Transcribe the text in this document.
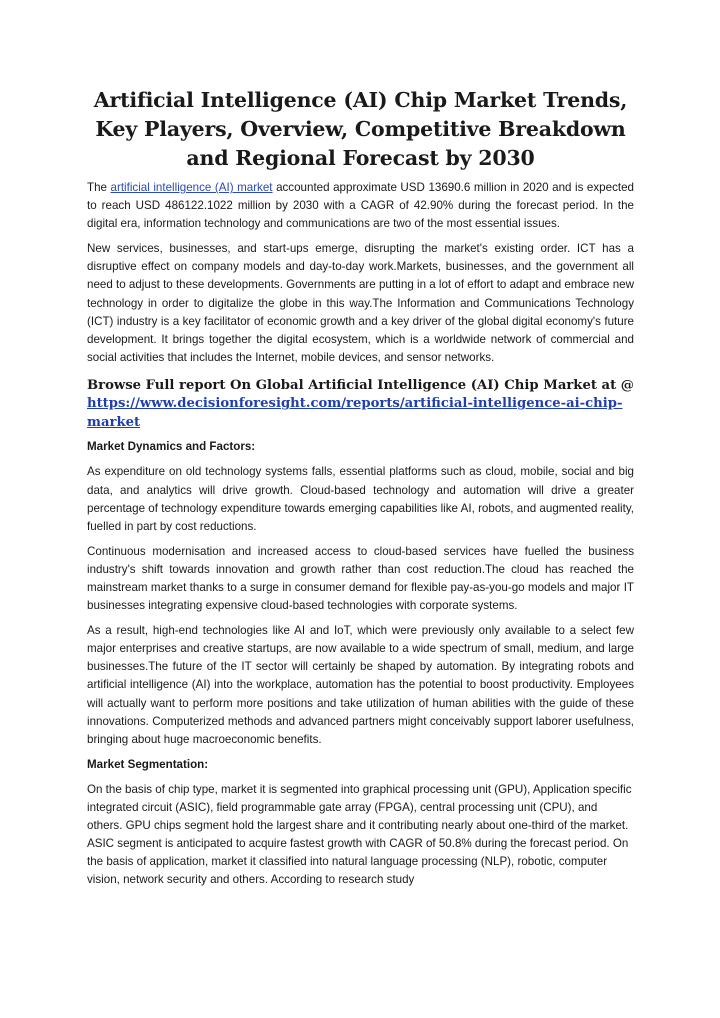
Artificial Intelligence (AI) Chip Market Trends, Key Players, Overview, Competitive Breakdown and Regional Forecast by 2030

The artificial intelligence (AI) market accounted approximate USD 13690.6 million in 2020 and is expected to reach USD 486122.1022 million by 2030 with a CAGR of 42.90% during the forecast period. In the digital era, information technology and communications are two of the most essential issues.

New services, businesses, and start-ups emerge, disrupting the market's existing order. ICT has a disruptive effect on company models and day-to-day work.Markets, businesses, and the government all need to adjust to these developments. Governments are putting in a lot of effort to adapt and embrace new technology in order to digitalize the globe in this way.The Information and Communications Technology (ICT) industry is a key facilitator of economic growth and a key driver of the global digital economy's future development. It brings together the digital ecosystem, which is a worldwide network of commercial and social activities that includes the Internet, mobile devices, and sensor networks.

Browse Full report On Global Artificial Intelligence (AI) Chip Market at @ https://www.decisionforesight.com/reports/artificial-intelligence-ai-chip-market
Market Dynamics and Factors:

As expenditure on old technology systems falls, essential platforms such as cloud, mobile, social and big data, and analytics will drive growth. Cloud-based technology and automation will drive a greater percentage of technology expenditure towards emerging capabilities like AI, robots, and augmented reality, fuelled in part by cost reductions.

Continuous modernisation and increased access to cloud-based services have fuelled the business industry's shift towards innovation and growth rather than cost reduction.The cloud has reached the mainstream market thanks to a surge in consumer demand for flexible pay-as-you-go models and major IT businesses integrating expensive cloud-based technologies with corporate systems.

As a result, high-end technologies like AI and IoT, which were previously only available to a select few major enterprises and creative startups, are now available to a wide spectrum of small, medium, and large businesses.The future of the IT sector will certainly be shaped by automation. By integrating robots and artificial intelligence (AI) into the workplace, automation has the potential to boost productivity. Employees will actually want to perform more positions and take utilization of human abilities with the guide of these innovations. Computerized methods and advanced partners might conceivably support laborer usefulness, bringing about huge macroeconomic benefits.

Market Segmentation:

On the basis of chip type, market it is segmented into graphical processing unit (GPU), Application specific integrated circuit (ASIC), field programmable gate array (FPGA), central processing unit (CPU), and others. GPU chips segment hold the largest share and it contributing nearly about one-third of the market. ASIC segment is anticipated to acquire fastest growth with CAGR of 50.8% during the forecast period. On the basis of application, market it classified into natural language processing (NLP), robotic, computer vision, network security and others. According to research study
